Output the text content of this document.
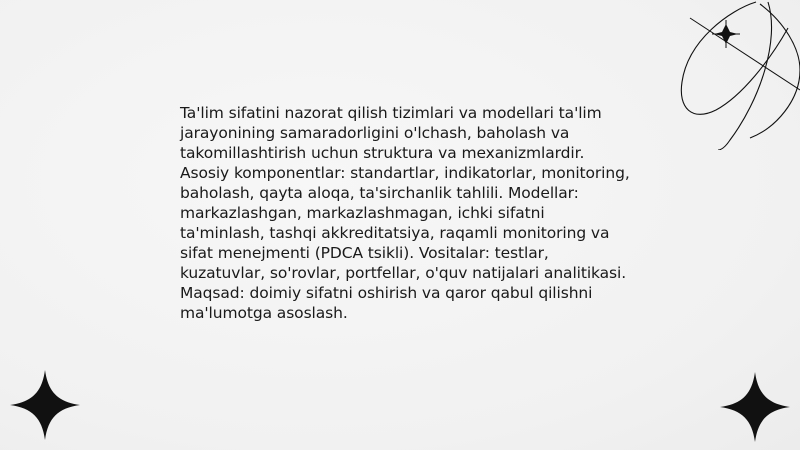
Ta'lim sifatini nazorat qilish tizimlari va modellari ta'lim jarayonining samaradorligini o'lchash, baholash va takomillashtirish uchun struktura va mexanizmlardir. Asosiy komponentlar: standartlar, indikatorlar, monitoring, baholash, qayta aloqa, ta'sirchanlik tahlili. Modellar: markazlashgan, markazlashmagan, ichki sifatni ta'minlash, tashqi akkreditatsiya, raqamli monitoring va sifat menejmenti (PDCA tsikli). Vositalar: testlar, kuzatuvlar, so'rovlar, portfellar, o'quv natijalari analitikasi. Maqsad: doimiy sifatni oshirish va qaror qabul qilishni ma'lumotga asoslash.
